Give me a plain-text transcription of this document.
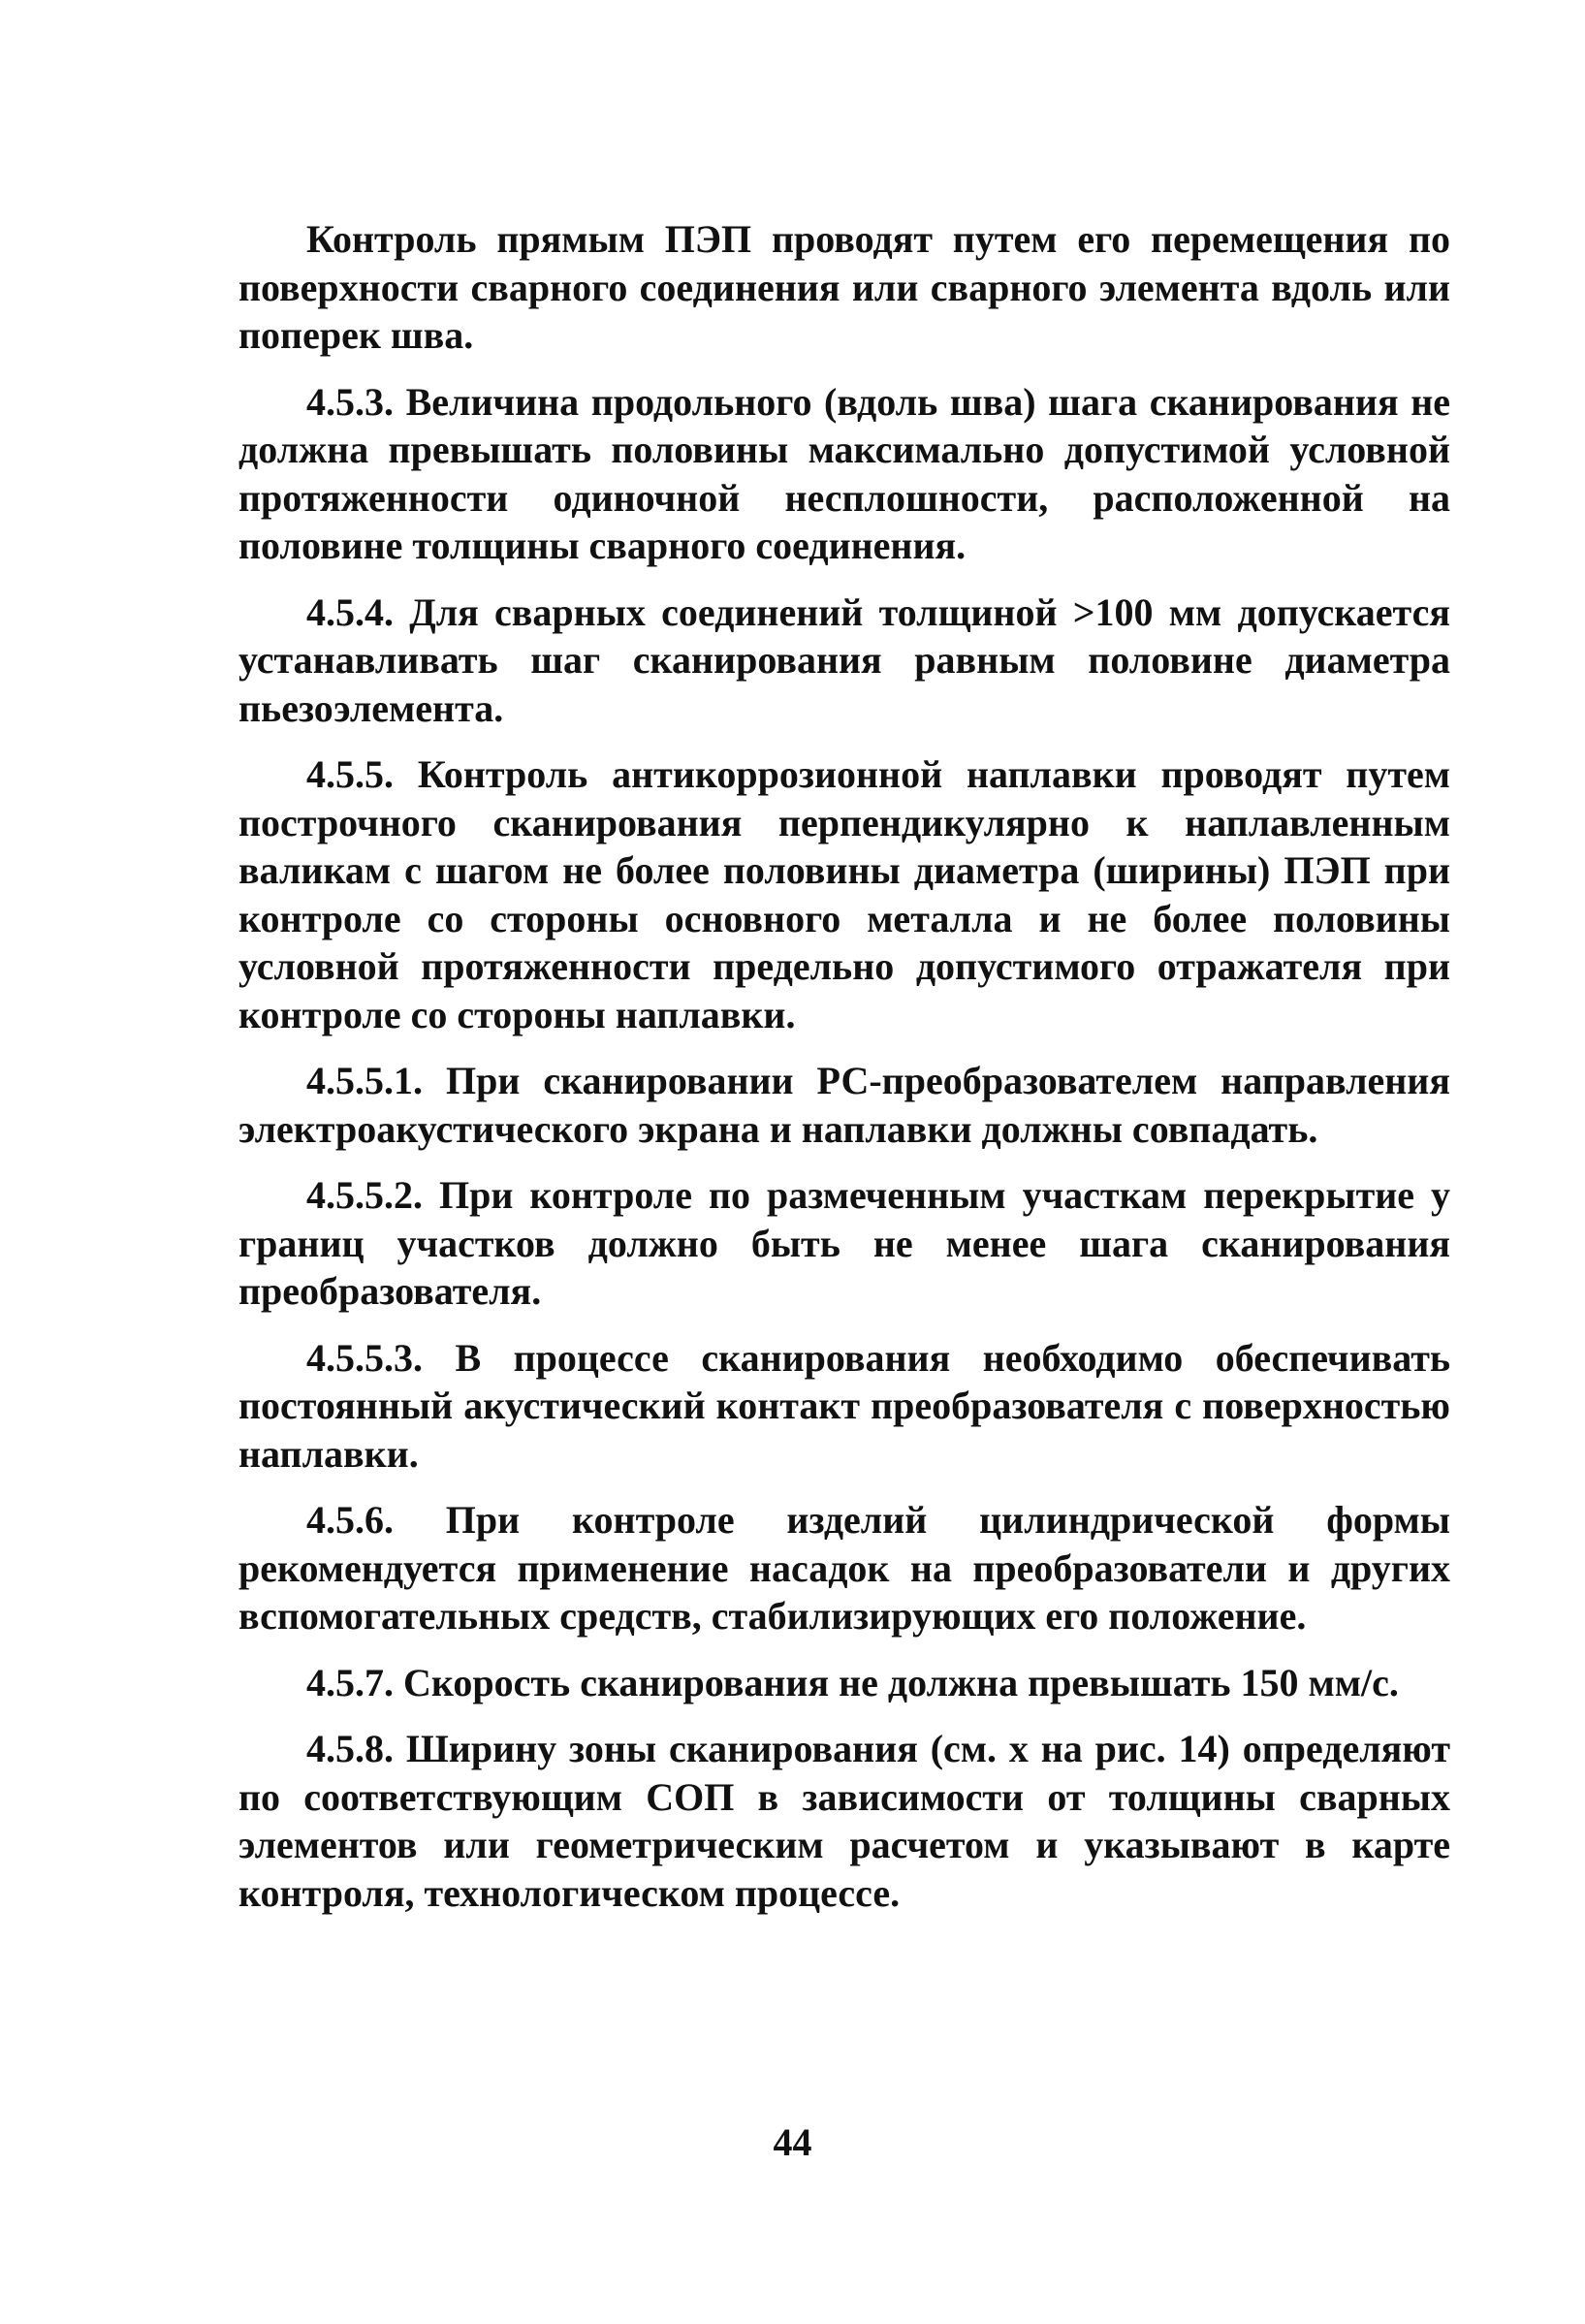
Контроль прямым ПЭП проводят путем его перемещения по поверхности сварного соединения или сварного элемента вдоль или поперек шва.

4.5.3. Величина продольного (вдоль шва) шага сканирования не должна превышать половины максимально допустимой условной протяженности одиночной несплошности, расположенной на половине толщины сварного соединения.

4.5.4. Для сварных соединений толщиной >100 мм допускается устанавливать шаг сканирования равным половине диаметра пьезоэлемента.

4.5.5. Контроль антикоррозионной наплавки проводят путем построчного сканирования перпендикулярно к наплавленным валикам с шагом не более половины диаметра (ширины) ПЭП при контроле со стороны основного металла и не более половины условной протяженности предельно допустимого отражателя при контроле со стороны наплавки.

4.5.5.1. При сканировании РС-преобразователем направления электроакустического экрана и наплавки должны совпадать.

4.5.5.2. При контроле по размеченным участкам перекрытие у границ участков должно быть не менее шага сканирования преобразователя.

4.5.5.3. В процессе сканирования необходимо обеспечивать постоянный акустический контакт преобразователя с поверхностью наплавки.

4.5.6. При контроле изделий цилиндрической формы рекомендуется применение насадок на преобразователи и других вспомогательных средств, стабилизирующих его положение.

4.5.7. Скорость сканирования не должна превышать 150 мм/с.

4.5.8. Ширину зоны сканирования (см. х на рис. 14) определяют по соответствующим СОП в зависимости от толщины сварных элементов или геометрическим расчетом и указывают в карте контроля, технологическом процессе.

44
